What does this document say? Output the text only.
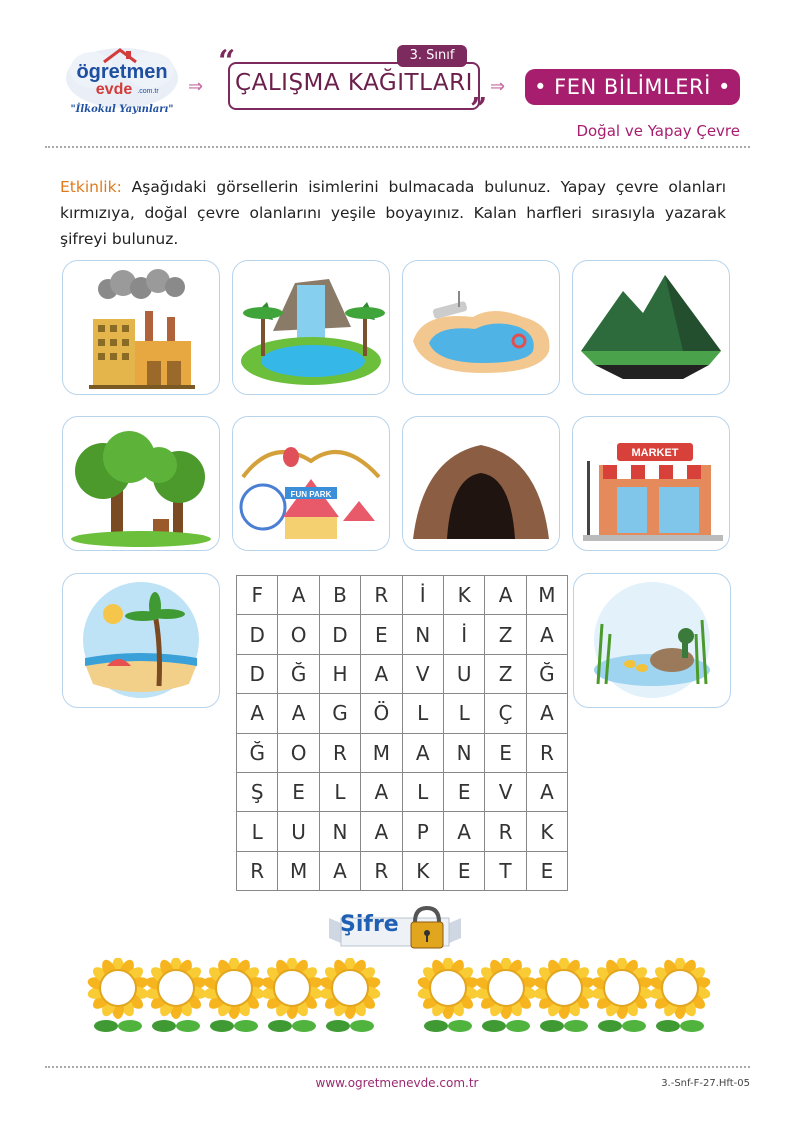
ögretmen
evde .com.tr
"İlkokul Yayınları"
⇒	⇒
“
”
ÇALIŞMA KAĞITLARI
3. Sınıf
• FEN BİLİMLERİ •
Doğal ve Yapay Çevre
Etkinlik: Aşağıdaki görsellerin isimlerini bulmacada bulunuz. Yapay çevre olanları kırmızıya, doğal çevre olanlarını yeşile boyayınız. Kalan harfleri sırasıyla yazarak şifreyi bulunuz.
FUN PARK
MARKET
F	A	B	R	İ	K	A	M
D	O	D	E	N	İ	Z	A
D	Ğ	H	A	V	U	Z	Ğ
A	A	G	Ö	L	L	Ç	A
Ğ	O	R	M	A	N	E	R
Ş	E	L	A	L	E	V	A
L	U	N	A	P	A	R	K
R	M	A	R	K	E	T	E
Şifre
www.ogretmenevde.com.tr	3.-Snf-F-27.Hft-05
